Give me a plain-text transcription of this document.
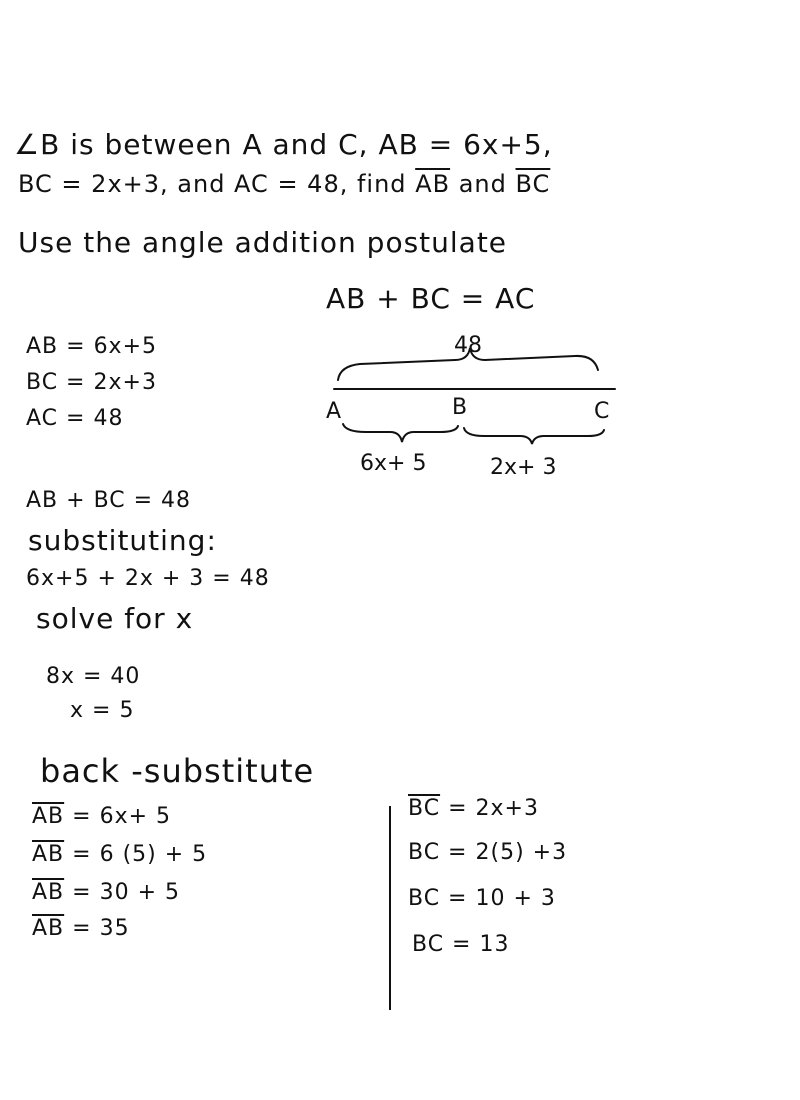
∠B is between A and C, AB = 6x+5,
BC = 2x+3, and AC = 48, find $\overline{AB}$ and $\overline{BC}$
Use the angle addition postulate
AB + BC = AC
AB = 6x+5
BC = 2x+3
AC = 48
48
A	B	C
6x+ 5	2x+ 3
AB + BC = 48
substituting:
6x+5 + 2x + 3 = 48
solve for x
8x = 40
x = 5
back -substitute
$\overline{AB} = 6x+ 5$
$\overline{AB} = 6$ (5) + 5
$\overline{AB} = 30 + 5$
$\overline{AB} = 35$
$\overline{BC} = 2x+3$
BC = 2(5) +3
BC = 10 + 3
BC = 13
